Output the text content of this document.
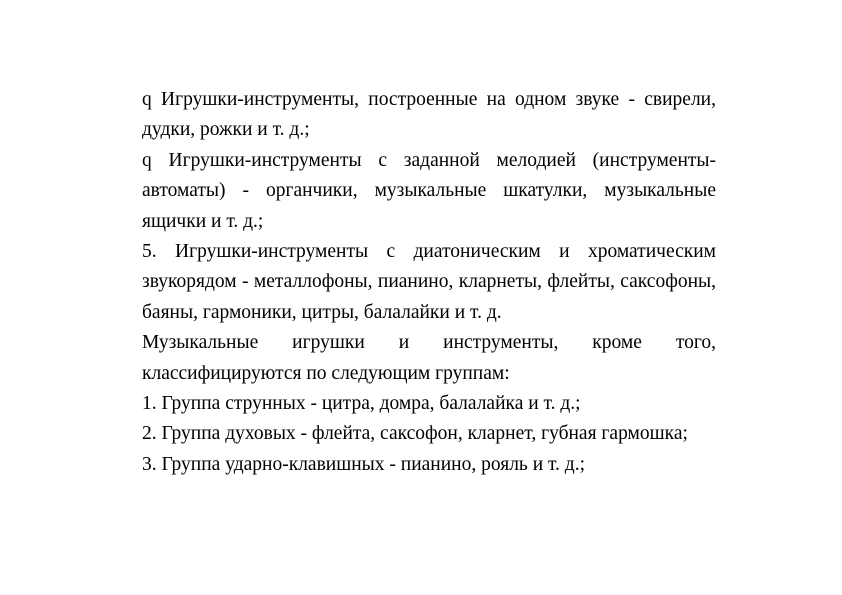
q Игрушки-инструменты, построенные на одном звуке - свирели, дудки, рожки и т. д.;

q Игрушки-инструменты с заданной мелодией (инструменты-автоматы) - органчики, музыкальные шкатулки, музыкальные ящички и т. д.;

5. Игрушки-инструменты с диатоническим и хроматическим звукорядом - металлофоны, пианино, кларнеты, флейты, саксофоны, баяны, гармоники, цитры, балалайки и т. д.

Музыкальные игрушки и инструменты, кроме того, классифицируются по следующим группам:

1. Группа струнных - цитра, домра, балалайка и т. д.;

2. Группа духовых - флейта, саксофон, кларнет, губная гармошка;

3. Группа ударно-клавишных - пианино, рояль и т. д.;
